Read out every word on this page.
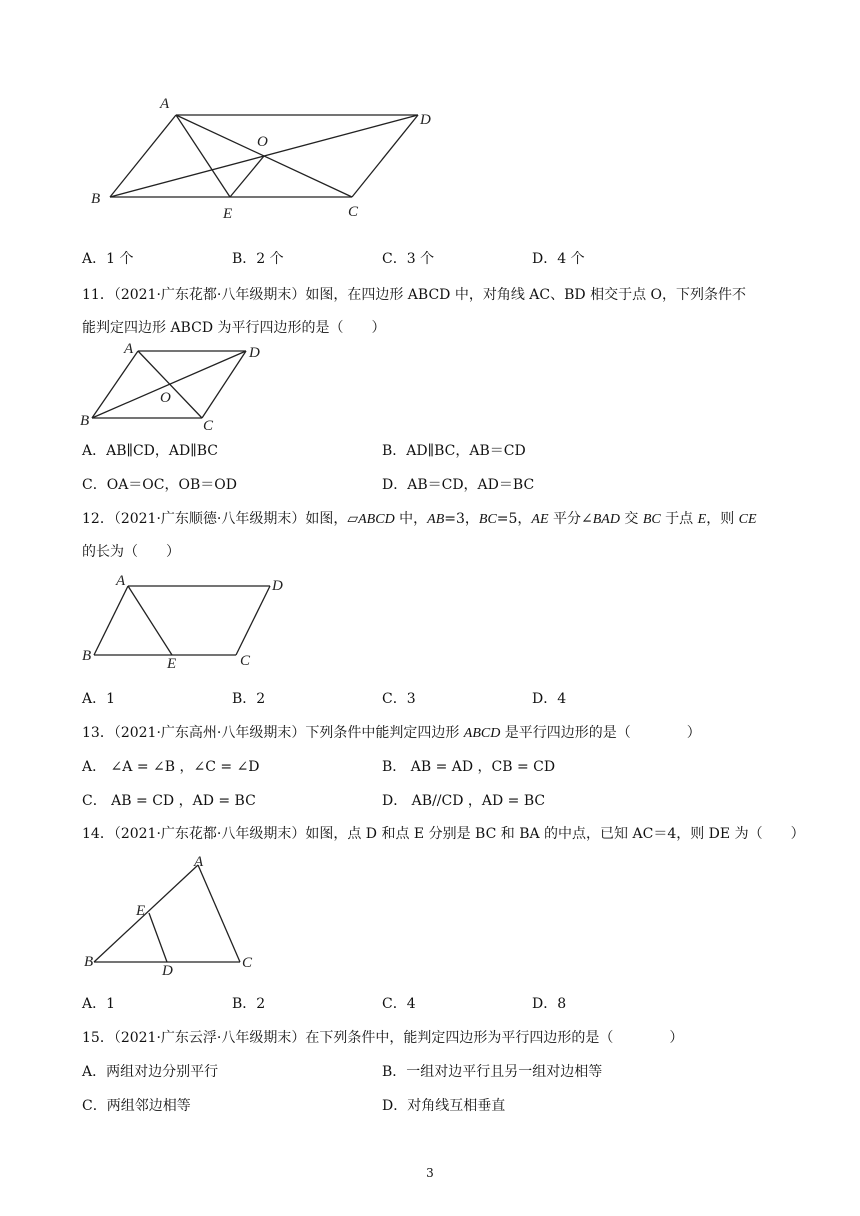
A
D
O
B
E	C
A．1 个	B．2 个	C．3 个	D．4 个
11．（2021·广东花都·八年级期末）如图，在四边形 ABCD 中，对角线 AC、BD 相交于点 O，下列条件不
能判定四边形 ABCD 为平行四边形的是（　　）
A	D
O
B	C
A．AB∥CD，AD∥BC	B．AD∥BC，AB＝CD
C．OA＝OC，OB＝OD	D．AB＝CD，AD＝BC
12．（2021·广东顺德·八年级期末）如图，▱ABCD 中，AB=3，BC=5，AE 平分∠BAD 交 BC 于点 E，则 CE
的长为（　　）
A	D
B	E	C
A．1	B．2	C．3	D．4
13．（2021·广东高州·八年级期末）下列条件中能判定四边形 ABCD 是平行四边形的是（　　　　）
A． ∠A = ∠B ，∠C = ∠D	B． AB = AD ，CB = CD
C． AB = CD ，AD = BC	D． AB//CD ，AD = BC
14．（2021·广东花都·八年级期末）如图，点 D 和点 E 分别是 BC 和 BA 的中点，已知 AC＝4，则 DE 为（　　）
A
E
B
D	C
A．1	B．2	C．4	D．8
15．（2021·广东云浮·八年级期末）在下列条件中，能判定四边形为平行四边形的是（　　　　）
A．两组对边分别平行	B．一组对边平行且另一组对边相等
C．两组邻边相等	D．对角线互相垂直
3
